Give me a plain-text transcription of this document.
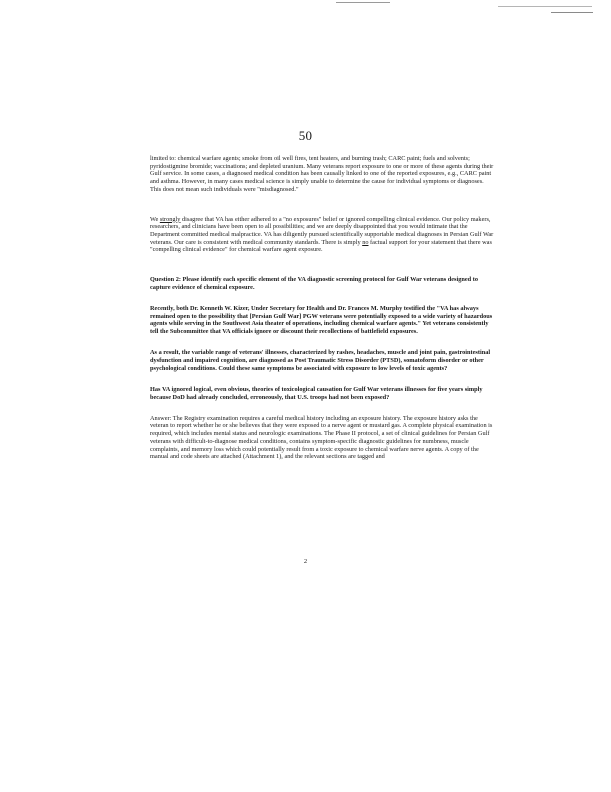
50

limited to: chemical warfare agents; smoke from oil well fires, tent heaters, and burning trash; CARC paint; fuels and solvents; pyridostigmine bromide; vaccinations; and depleted uranium. Many veterans report exposure to one or more of these agents during their Gulf service. In some cases, a diagnosed medical condition has been causally linked to one of the reported exposures, e.g., CARC paint and asthma. However, in many cases medical science is simply unable to determine the cause for individual symptoms or diagnoses. This does not mean such individuals were "misdiagnosed."

We strongly disagree that VA has either adhered to a "no exposures" belief or ignored compelling clinical evidence. Our policy makers, researchers, and clinicians have been open to all possibilities; and we are deeply disappointed that you would intimate that the Department committed medical malpractice. VA has diligently pursued scientifically supportable medical diagnoses in Persian Gulf War veterans. Our care is consistent with medical community standards. There is simply no factual support for your statement that there was "compelling clinical evidence" for chemical warfare agent exposure.

Question 2: Please identify each specific element of the VA diagnostic screening protocol for Gulf War veterans designed to capture evidence of chemical exposure.

Recently, both Dr. Kenneth W. Kizer, Under Secretary for Health and Dr. Frances M. Murphy testified the "VA has always remained open to the possibility that [Persian Gulf War] PGW veterans were potentially exposed to a wide variety of hazardous agents while serving in the Southwest Asia theater of operations, including chemical warfare agents." Yet veterans consistently tell the Subcommittee that VA officials ignore or discount their recollections of battlefield exposures.

As a result, the variable range of veterans' illnesses, characterized by rashes, headaches, muscle and joint pain, gastrointestinal dysfunction and impaired cognition, are diagnosed as Post Traumatic Stress Disorder (PTSD), somatoform disorder or other psychological conditions. Could these same symptoms be associated with exposure to low levels of toxic agents?

Has VA ignored logical, even obvious, theories of toxicological causation for Gulf War veterans illnesses for five years simply because DoD had already concluded, erroneously, that U.S. troops had not been exposed?

Answer: The Registry examination requires a careful medical history including an exposure history. The exposure history asks the veteran to report whether he or she believes that they were exposed to a nerve agent or mustard gas. A complete physical examination is required, which includes mental status and neurologic examinations. The Phase II protocol, a set of clinical guidelines for Persian Gulf veterans with difficult-to-diagnose medical conditions, contains symptom-specific diagnostic guidelines for numbness, muscle complaints, and memory loss which could potentially result from a toxic exposure to chemical warfare nerve agents. A copy of the manual and code sheets are attached (Attachment 1), and the relevant sections are tagged and

2
